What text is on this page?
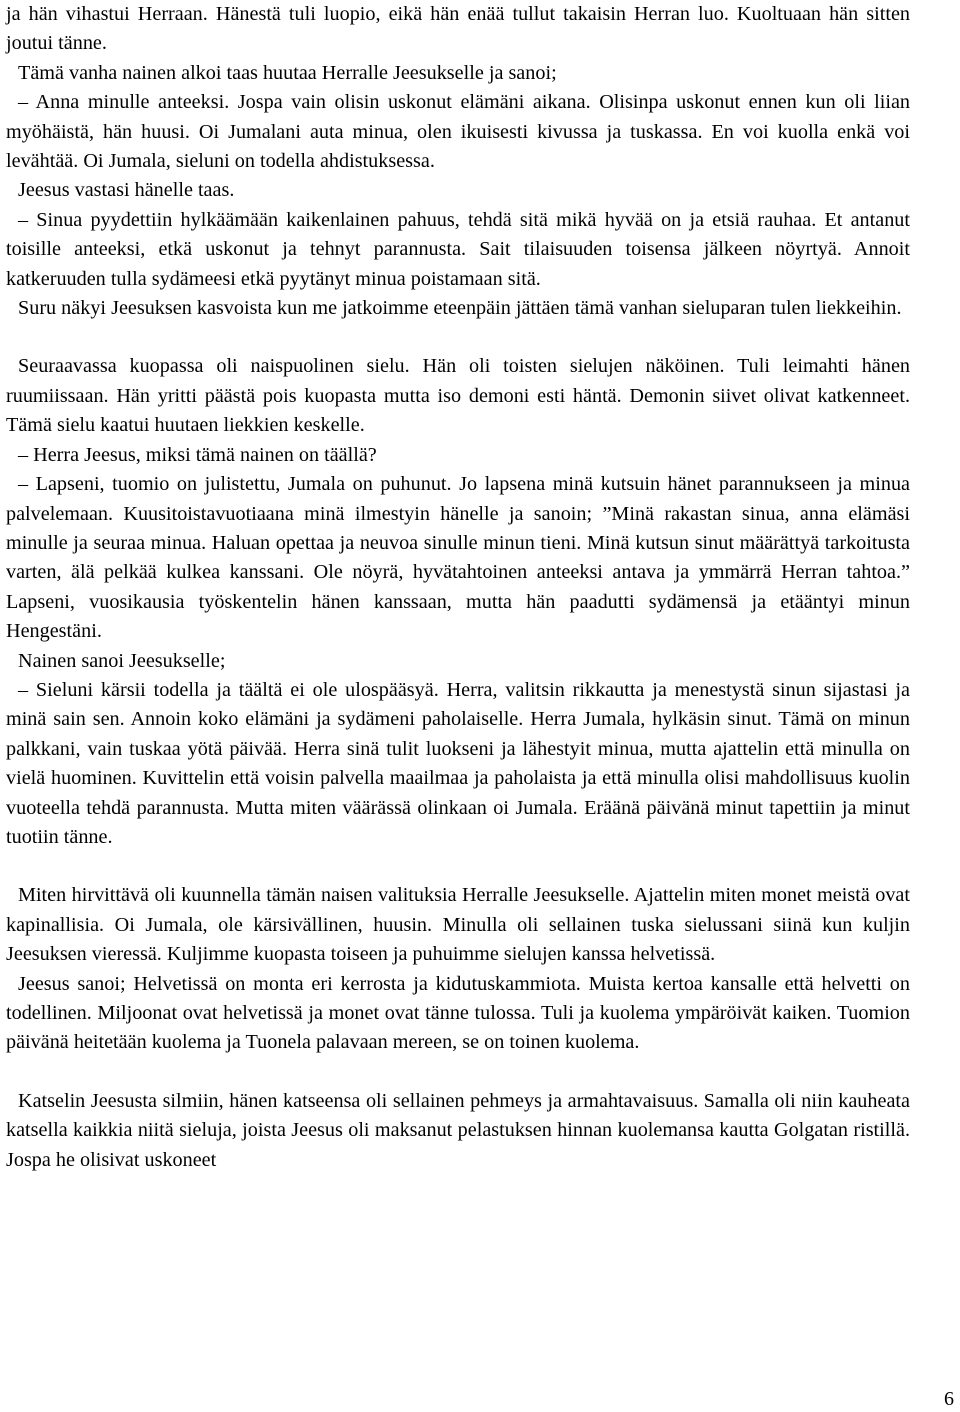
ja hän vihastui Herraan. Hänestä tuli luopio, eikä hän enää tullut takaisin Herran luo. Kuoltuaan hän sitten joutui tänne.

Tämä vanha nainen alkoi taas huutaa Herralle Jeesukselle ja sanoi;

– Anna minulle anteeksi. Jospa vain olisin uskonut elämäni aikana. Olisinpa uskonut ennen kun oli liian myöhäistä, hän huusi. Oi Jumalani auta minua, olen ikuisesti kivussa ja tuskassa. En voi kuolla enkä voi levähtää. Oi Jumala, sieluni on todella ahdistuksessa.

Jeesus vastasi hänelle taas.

– Sinua pyydettiin hylkäämään kaikenlainen pahuus, tehdä sitä mikä hyvää on ja etsiä rauhaa. Et antanut toisille anteeksi, etkä uskonut ja tehnyt parannusta. Sait tilaisuuden toisensa jälkeen nöyrtyä. Annoit katkeruuden tulla sydämeesi etkä pyytänyt minua poistamaan sitä.

Suru näkyi Jeesuksen kasvoista kun me jatkoimme eteenpäin jättäen tämä vanhan sieluparan tulen liekkeihin.

Seuraavassa kuopassa oli naispuolinen sielu. Hän oli toisten sielujen näköinen. Tuli leimahti hänen ruumiissaan. Hän yritti päästä pois kuopasta mutta iso demoni esti häntä. Demonin siivet olivat katkenneet. Tämä sielu kaatui huutaen liekkien keskelle.

– Herra Jeesus, miksi tämä nainen on täällä?

– Lapseni, tuomio on julistettu, Jumala on puhunut. Jo lapsena minä kutsuin hänet parannukseen ja minua palvelemaan. Kuusitoistavuotiaana minä ilmestyin hänelle ja sanoin; ”Minä rakastan sinua, anna elämäsi minulle ja seuraa minua. Haluan opettaa ja neuvoa sinulle minun tieni. Minä kutsun sinut määrättyä tarkoitusta varten, älä pelkää kulkea kanssani. Ole nöyrä, hyvätahtoinen anteeksi antava ja ymmärrä Herran tahtoa.” Lapseni, vuosikausia työskentelin hänen kanssaan, mutta hän paadutti sydämensä ja etääntyi minun Hengestäni.

Nainen sanoi Jeesukselle;

– Sieluni kärsii todella ja täältä ei ole ulospääsyä. Herra, valitsin rikkautta ja menestystä sinun sijastasi ja minä sain sen. Annoin koko elämäni ja sydämeni paholaiselle. Herra Jumala, hylkäsin sinut. Tämä on minun palkkani, vain tuskaa yötä päivää. Herra sinä tulit luokseni ja lähestyit minua, mutta ajattelin että minulla on vielä huominen. Kuvittelin että voisin palvella maailmaa ja paholaista ja että minulla olisi mahdollisuus kuolin vuoteella tehdä parannusta. Mutta miten väärässä olinkaan oi Jumala. Eräänä päivänä minut tapettiin ja minut tuotiin tänne.

Miten hirvittävä oli kuunnella tämän naisen valituksia Herralle Jeesukselle. Ajattelin miten monet meistä ovat kapinallisia. Oi Jumala, ole kärsivällinen, huusin. Minulla oli sellainen tuska sielussani siinä kun kuljin Jeesuksen vieressä. Kuljimme kuopasta toiseen ja puhuimme sielujen kanssa helvetissä.

Jeesus sanoi; Helvetissä on monta eri kerrosta ja kidutuskammiota. Muista kertoa kansalle että helvetti on todellinen. Miljoonat ovat helvetissä ja monet ovat tänne tulossa. Tuli ja kuolema ympäröivät kaiken. Tuomion päivänä heitetään kuolema ja Tuonela palavaan mereen, se on toinen kuolema.

Katselin Jeesusta silmiin, hänen katseensa oli sellainen pehmeys ja armahtavaisuus. Samalla oli niin kauheata katsella kaikkia niitä sieluja, joista Jeesus oli maksanut pelastuksen hinnan kuolemansa kautta Golgatan ristillä. Jospa he olisivat uskoneet

6
